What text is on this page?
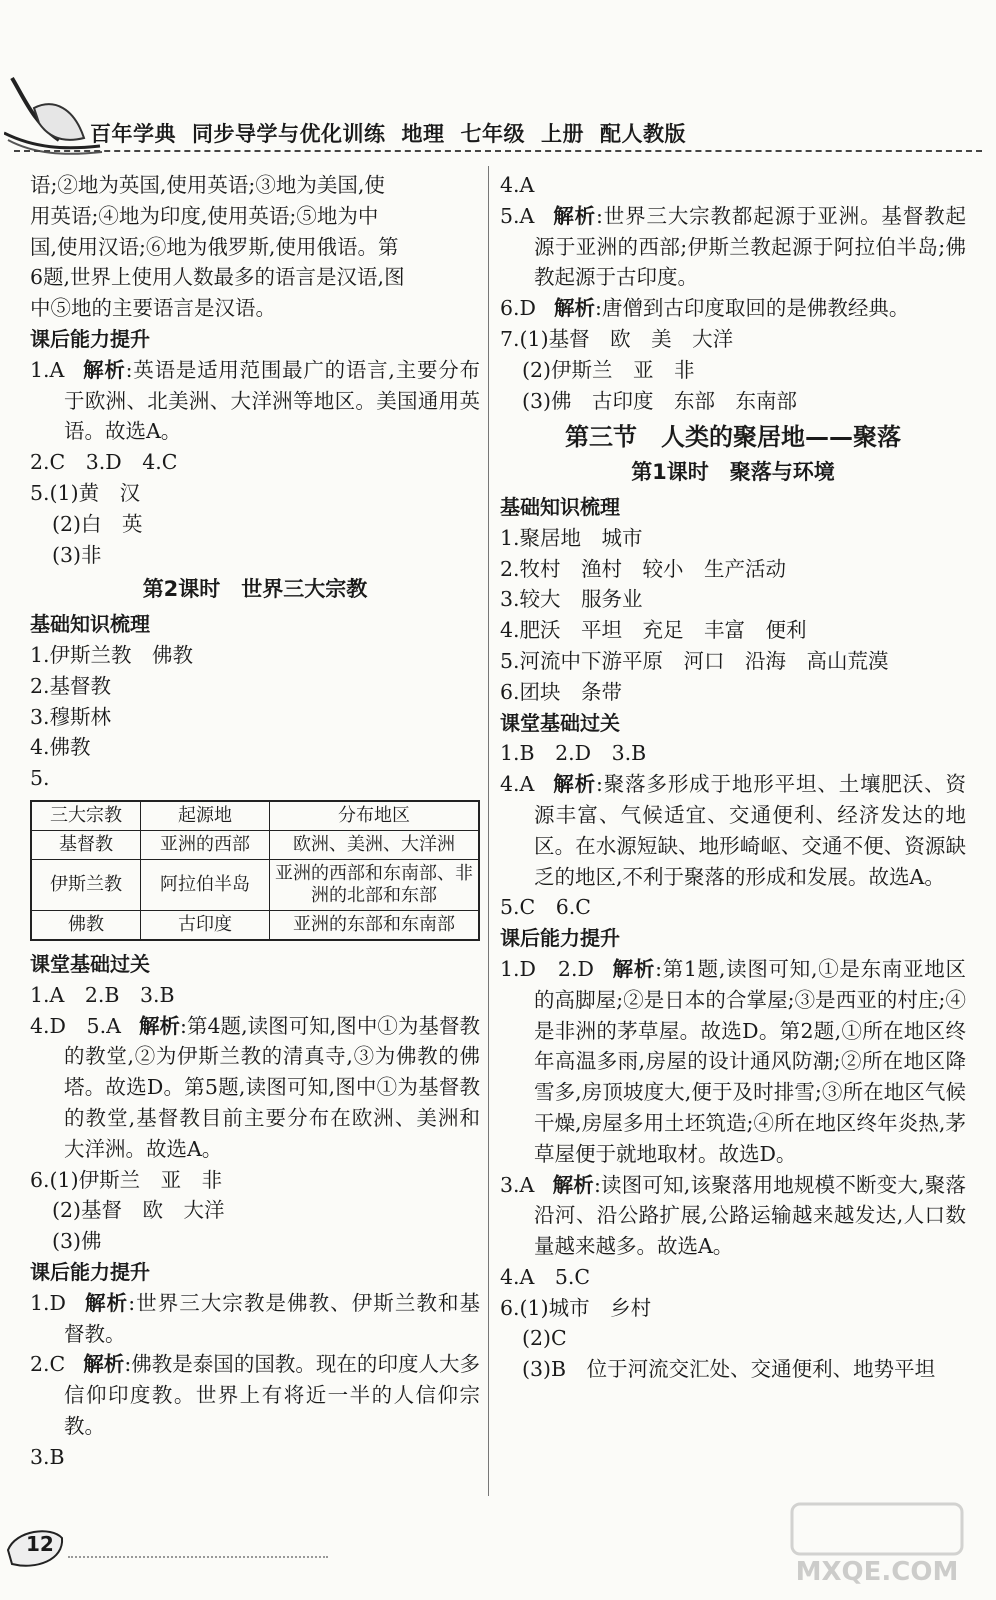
百年学典 同步导学与优化训练 地理 七年级 上册 配人教版
语;②地为英国,使用英语;③地为美国,使
用英语;④地为印度,使用英语;⑤地为中
国,使用汉语;⑥地为俄罗斯,使用俄语。第
6题,世界上使用人数最多的语言是汉语,图
中⑤地的主要语言是汉语。
课后能力提升
1.A 解析:英语是适用范围最广的语言,主要分布于欧洲、北美洲、大洋洲等地区。美国通用英语。故选A。
2.C　3.D　4.C
5.(1)黄　汉
(2)白　英
(3)非
第2课时　世界三大宗教
基础知识梳理
1.伊斯兰教　佛教
2.基督教
3.穆斯林
4.佛教
5.
三大宗教	起源地	分布地区
基督教	亚洲的西部	欧洲、美洲、大洋洲
伊斯兰教	阿拉伯半岛	亚洲的西部和东南部、非洲的北部和东部
佛教	古印度	亚洲的东部和东南部
课堂基础过关
1.A　2.B　3.B
4.D　5.A 解析:第4题,读图可知,图中①为基督教的教堂,②为伊斯兰教的清真寺,③为佛教的佛塔。故选D。第5题,读图可知,图中①为基督教的教堂,基督教目前主要分布在欧洲、美洲和大洋洲。故选A。
6.(1)伊斯兰　亚　非
(2)基督　欧　大洋
(3)佛
课后能力提升
1.D 解析:世界三大宗教是佛教、伊斯兰教和基督教。
2.C 解析:佛教是泰国的国教。现在的印度人大多信仰印度教。世界上有将近一半的人信仰宗教。
3.B
4.A
5.A 解析:世界三大宗教都起源于亚洲。基督教起源于亚洲的西部;伊斯兰教起源于阿拉伯半岛;佛教起源于古印度。
6.D 解析:唐僧到古印度取回的是佛教经典。
7.(1)基督　欧　美　大洋
(2)伊斯兰　亚　非
(3)佛　古印度　东部　东南部
第三节　人类的聚居地——聚落
第1课时　聚落与环境
基础知识梳理
1.聚居地　城市
2.牧村　渔村　较小　生产活动
3.较大　服务业
4.肥沃　平坦　充足　丰富　便利
5.河流中下游平原　河口　沿海　高山荒漠
6.团块　条带
课堂基础过关
1.B　2.D　3.B
4.A 解析:聚落多形成于地形平坦、土壤肥沃、资源丰富、气候适宜、交通便利、经济发达的地区。在水源短缺、地形崎岖、交通不便、资源缺乏的地区,不利于聚落的形成和发展。故选A。
5.C　6.C
课后能力提升
1.D　2.D 解析:第1题,读图可知,①是东南亚地区的高脚屋;②是日本的合掌屋;③是西亚的村庄;④是非洲的茅草屋。故选D。第2题,①所在地区终年高温多雨,房屋的设计通风防潮;②所在地区降雪多,房顶坡度大,便于及时排雪;③所在地区气候干燥,房屋多用土坯筑造;④所在地区终年炎热,茅草屋便于就地取材。故选D。
3.A 解析:读图可知,该聚落用地规模不断变大,聚落沿河、沿公路扩展,公路运输越来越发达,人口数量越来越多。故选A。
4.A　5.C
6.(1)城市　乡村
(2)C
(3)B　位于河流交汇处、交通便利、地势平坦
12
MXQE.COM
